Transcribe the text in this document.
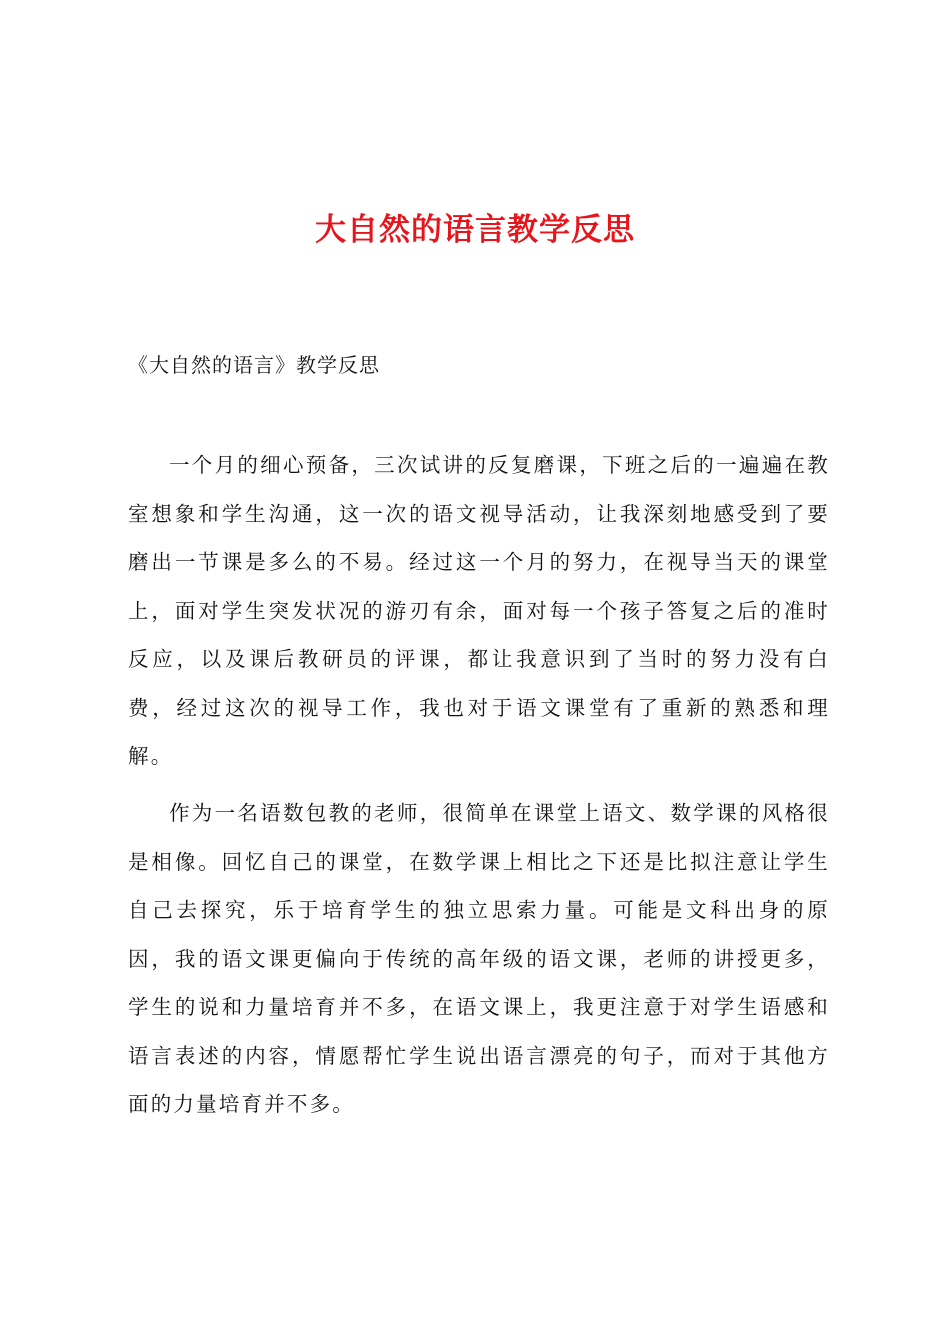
大自然的语言教学反思

《大自然的语言》教学反思

一个月的细心预备，三次试讲的反复磨课，下班之后的一遍遍在教室想象和学生沟通，这一次的语文视导活动，让我深刻地感受到了要磨出一节课是多么的不易。经过这一个月的努力，在视导当天的课堂上，面对学生突发状况的游刃有余，面对每一个孩子答复之后的准时反应，以及课后教研员的评课，都让我意识到了当时的努力没有白费，经过这次的视导工作，我也对于语文课堂有了重新的熟悉和理解。

作为一名语数包教的老师，很简单在课堂上语文、数学课的风格很是相像。回忆自己的课堂，在数学课上相比之下还是比拟注意让学生自己去探究，乐于培育学生的独立思索力量。可能是文科出身的原因，我的语文课更偏向于传统的高年级的语文课，老师的讲授更多，学生的说和力量培育并不多，在语文课上，我更注意于对学生语感和语言表述的内容，情愿帮忙学生说出语言漂亮的句子，而对于其他方面的力量培育并不多。
